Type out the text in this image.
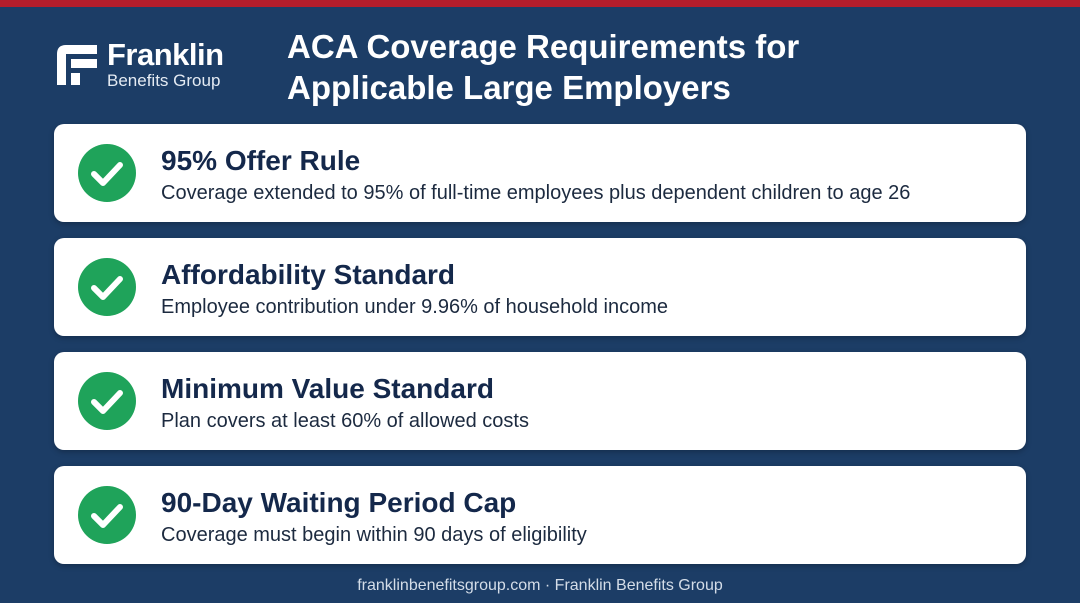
Franklin
Benefits Group
ACA Coverage Requirements for
Applicable Large Employers
95% Offer Rule
Coverage extended to 95% of full-time employees plus dependent children to age 26
Affordability Standard
Employee contribution under 9.96% of household income
Minimum Value Standard
Plan covers at least 60% of allowed costs
90-Day Waiting Period Cap
Coverage must begin within 90 days of eligibility
franklinbenefitsgroup.com · Franklin Benefits Group
